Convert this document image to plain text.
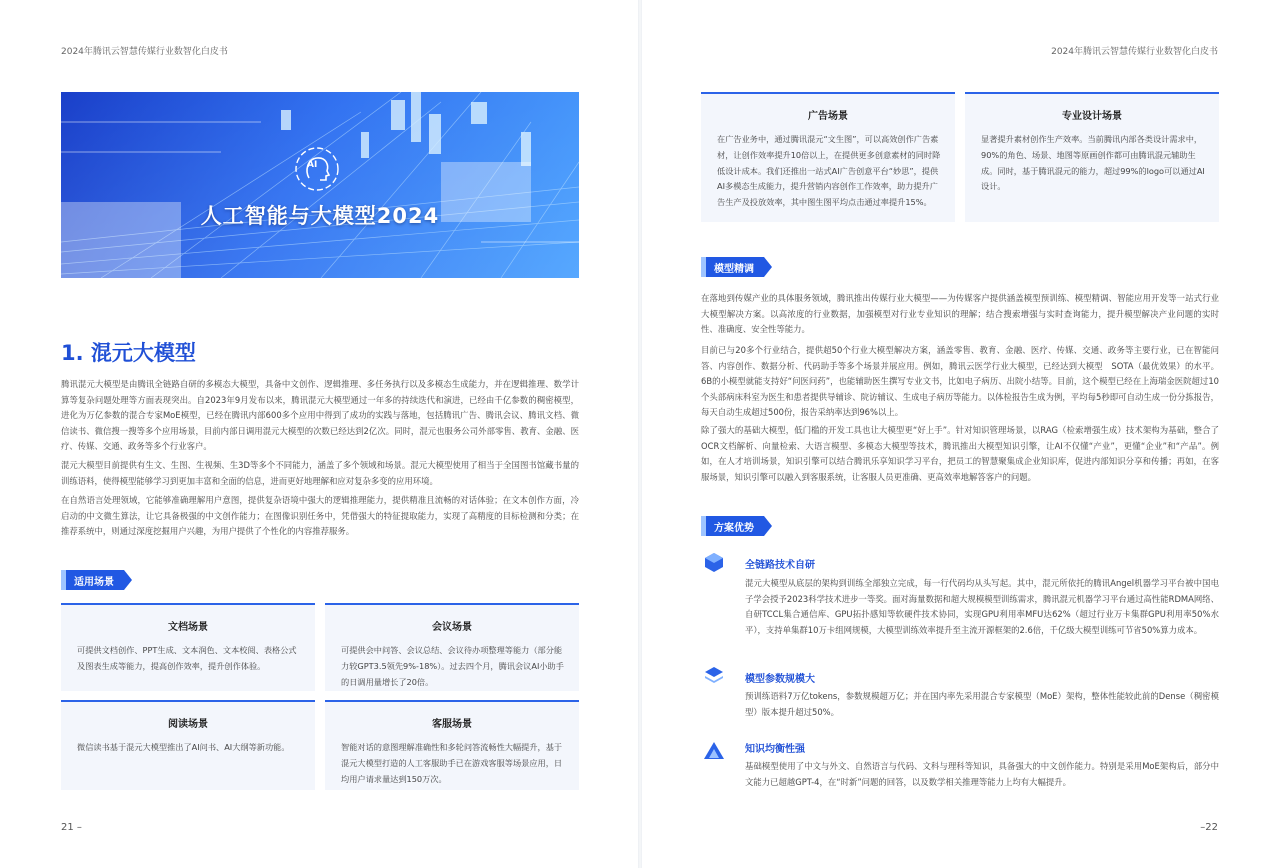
2024年腾讯云智慧传媒行业数智化白皮书	2024年腾讯云智慧传媒行业数智化白皮书
AI
人工智能与大模型2024
1. 混元大模型

腾讯混元大模型是由腾讯全链路自研的多模态大模型，具备中文创作、逻辑推理、多任务执行以及多模态生成能力，并在逻辑推理、数学计算等复杂问题处理等方面表现突出。自2023年9月发布以来，腾讯混元大模型通过一年多的持续迭代和演进，已经由千亿参数的稠密模型，进化为万亿参数的混合专家MoE模型，已经在腾讯内部600多个应用中得到了成功的实践与落地，包括腾讯广告、腾讯会议、腾讯文档、微信读书、微信搜一搜等多个应用场景，目前内部日调用混元大模型的次数已经达到2亿次。同时，混元也服务公司外部零售、教育、金融、医疗、传媒、交通、政务等多个行业客户。

混元大模型目前提供有生文、生图、生视频、生3D等多个不同能力，涵盖了多个领域和场景。混元大模型使用了相当于全国图书馆藏书量的训练语料，使得模型能够学习到更加丰富和全面的信息，进而更好地理解和应对复杂多变的应用环境。

在自然语言处理领域，它能够准确理解用户意图，提供复杂语境中强大的逻辑推理能力，提供精准且流畅的对话体验；在文本创作方面，冷启动的中文微生算法，让它具备极强的中文创作能力；在图像识别任务中，凭借强大的特征提取能力，实现了高精度的目标检测和分类；在推荐系统中，则通过深度挖掘用户兴趣，为用户提供了个性化的内容推荐服务。

适用场景
文档场景
可提供文档创作、PPT生成、文本润色、文本校阅、表格公式及图表生成等能力，提高创作效率，提升创作体验。
会议场景
可提供会中问答、会议总结、会议待办项整理等能力（部分能力较GPT3.5领先9%-18%）。过去四个月，腾讯会议AI小助手的日调用量增长了20倍。
阅读场景
微信读书基于混元大模型推出了AI问书、AI大纲等新功能。
客服场景
智能对话的意图理解准确性和多轮问答流畅性大幅提升，基于混元大模型打造的人工客服助手已在游戏客服等场景应用，日均用户请求量达到150万次。
广告场景
在广告业务中，通过腾讯混元“文生图”，可以高效创作广告素材，让创作效率提升10倍以上，在提供更多创意素材的同时降低设计成本。我们还推出一站式AI广告创意平台“妙思”，提供AI多模态生成能力，提升营销内容创作工作效率，助力提升广告生产及投放效率，其中图生图平均点击通过率提升15%。
专业设计场景
显著提升素材创作生产效率。当前腾讯内部各类设计需求中，90%的角色、场景、地图等原画创作都可由腾讯混元辅助生成。同时，基于腾讯混元的能力，超过99%的logo可以通过AI设计。
模型精调

在落地到传媒产业的具体服务领域，腾讯推出传媒行业大模型——为传媒客户提供涵盖模型预训练、模型精调、智能应用开发等一站式行业大模型解决方案。以高浓度的行业数据，加强模型对行业专业知识的理解；结合搜索增强与实时查询能力，提升模型解决产业问题的实时性、准确度、安全性等能力。

目前已与20多个行业结合，提供超50个行业大模型解决方案，涵盖零售、教育、金融、医疗、传媒、交通、政务等主要行业，已在智能问答、内容创作、数据分析、代码助手等多个场景并展应用。例如，腾讯云医学行业大模型，已经达到大模型　SOTA（最优效果）的水平。6B的小模型就能支持好“问医问药”，也能辅助医生撰写专业文书，比如电子病历、出院小结等。目前，这个模型已经在上海瑞金医院超过10个头部病床科室为医生和患者提供导辅诊、院访辅议、生成电子病历等能力。以体检报告生成为例，平均每5秒即可自动生成一份分拣报告，每天自动生成超过500份，报告采纳率达到96%以上。

除了强大的基础大模型，低门槛的开发工具也让大模型更“好上手”。针对知识管理场景，以RAG（检索增强生成）技术架构为基础，整合了OCR文档解析、向量检索、大语言模型、多模态大模型等技术，腾讯推出大模型知识引擎，让AI不仅懂“产业”，更懂“企业”和“产品”。例如，在人才培训场景，知识引擎可以结合腾讯乐享知识学习平台，把员工的智慧聚集成企业知识库，促进内部知识分享和传播；再如，在客服场景，知识引擎可以融入到客服系统，让客服人员更准确、更高效率地解答客户的问题。

方案优势
全链路技术自研

混元大模型从底层的架构到训练全部独立完成，每一行代码均从头写起。其中，混元所依托的腾讯Angel机器学习平台被中国电子学会授予2023科学技术进步一等奖。面对海量数据和超大规模模型训练需求，腾讯混元机器学习平台通过高性能RDMA网络、自研TCCL集合通信库、GPU拓扑感知等软硬件技术协同，实现GPU利用率MFU达62%（超过行业万卡集群GPU利用率50%水平），支持单集群10万卡组网规模，大模型训练效率提升至主流开源框架的2.6倍，千亿级大模型训练可节省50%算力成本。

模型参数规模大

预训练语料7万亿tokens，参数规模超万亿；并在国内率先采用混合专家模型（MoE）架构，整体性能较此前的Dense（稠密模型）版本提升超过50%。

知识均衡性强

基础模型使用了中文与外文、自然语言与代码、文科与理科等知识，具备强大的中文创作能力。特别是采用MoE架构后，部分中文能力已超越GPT-4，在“时新”问题的回答，以及数学相关推理等能力上均有大幅提升。

21 –	–22
